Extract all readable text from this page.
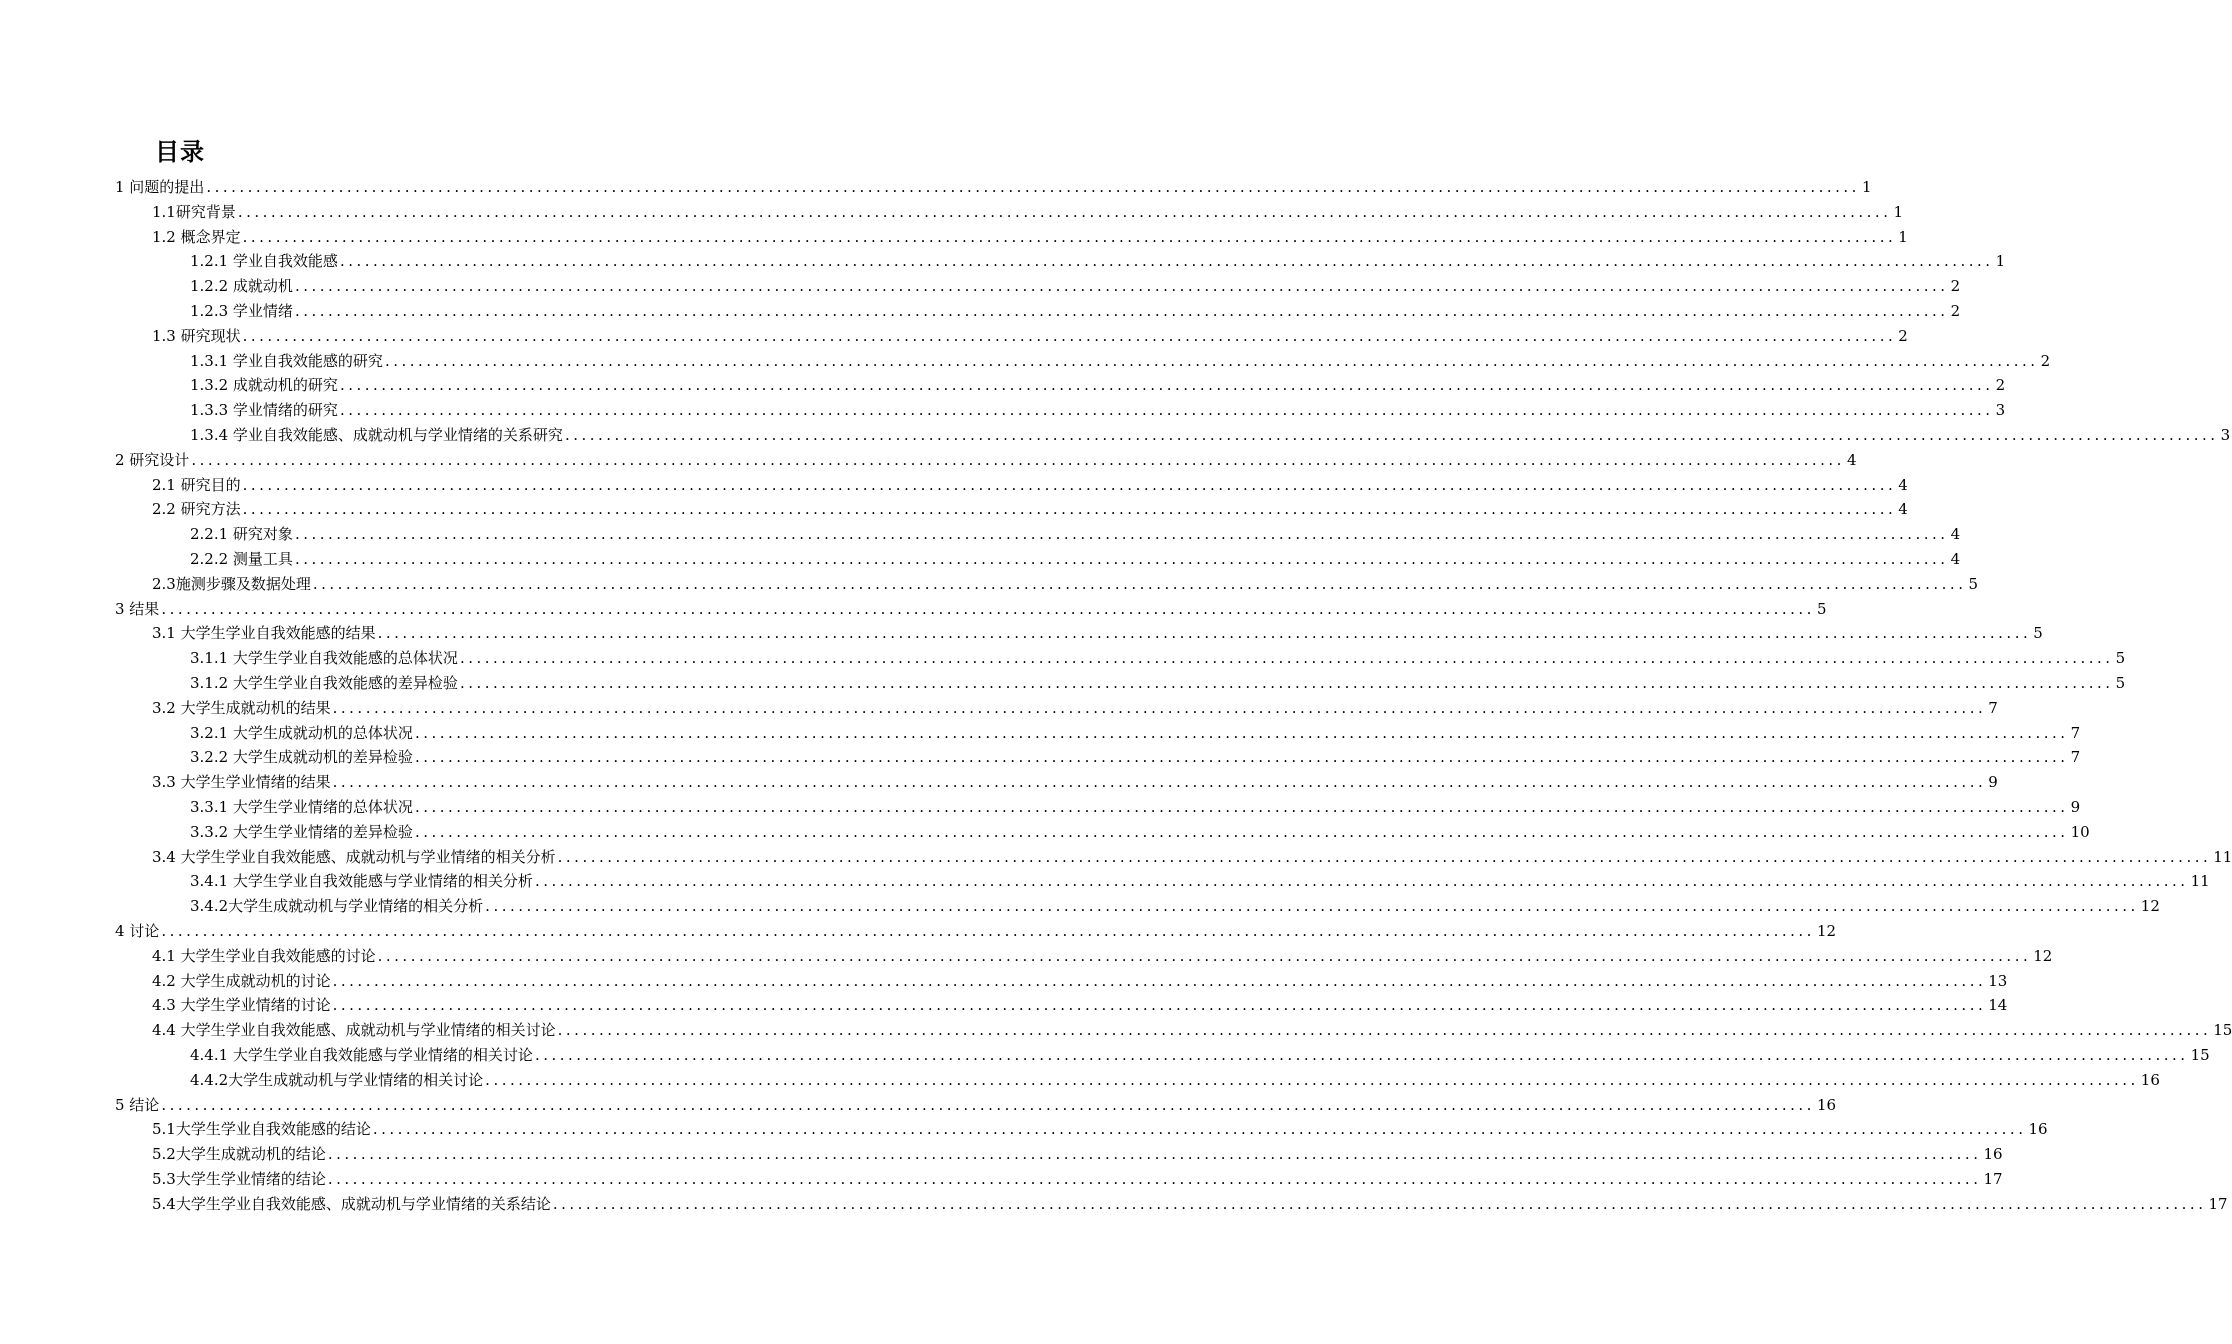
目录
1 问题的提出 ........................................................................................................................................................................................................ 1
1.1研究背景 ........................................................................................................................................................................................................ 1
1.2 概念界定 ........................................................................................................................................................................................................ 1
1.2.1 学业自我效能感 ........................................................................................................................................................................................................ 1
1.2.2 成就动机 ........................................................................................................................................................................................................ 2
1.2.3 学业情绪 ........................................................................................................................................................................................................ 2
1.3 研究现状 ........................................................................................................................................................................................................ 2
1.3.1 学业自我效能感的研究 ........................................................................................................................................................................................................ 2
1.3.2 成就动机的研究 ........................................................................................................................................................................................................ 2
1.3.3 学业情绪的研究 ........................................................................................................................................................................................................ 3
1.3.4 学业自我效能感、成就动机与学业情绪的关系研究 ........................................................................................................................................................................................................ 3
2 研究设计 ........................................................................................................................................................................................................ 4
2.1 研究目的 ........................................................................................................................................................................................................ 4
2.2 研究方法 ........................................................................................................................................................................................................ 4
2.2.1 研究对象 ........................................................................................................................................................................................................ 4
2.2.2 测量工具 ........................................................................................................................................................................................................ 4
2.3施测步骤及数据处理 ........................................................................................................................................................................................................ 5
3 结果 ........................................................................................................................................................................................................ 5
3.1 大学生学业自我效能感的结果 ........................................................................................................................................................................................................ 5
3.1.1 大学生学业自我效能感的总体状况 ........................................................................................................................................................................................................ 5
3.1.2 大学生学业自我效能感的差异检验 ........................................................................................................................................................................................................ 5
3.2 大学生成就动机的结果 ........................................................................................................................................................................................................ 7
3.2.1 大学生成就动机的总体状况 ........................................................................................................................................................................................................ 7
3.2.2 大学生成就动机的差异检验 ........................................................................................................................................................................................................ 7
3.3 大学生学业情绪的结果 ........................................................................................................................................................................................................ 9
3.3.1 大学生学业情绪的总体状况 ........................................................................................................................................................................................................ 9
3.3.2 大学生学业情绪的差异检验 ........................................................................................................................................................................................................ 10
3.4 大学生学业自我效能感、成就动机与学业情绪的相关分析 ........................................................................................................................................................................................................ 11
3.4.1 大学生学业自我效能感与学业情绪的相关分析 ........................................................................................................................................................................................................ 11
3.4.2大学生成就动机与学业情绪的相关分析 ........................................................................................................................................................................................................ 12
4 讨论 ........................................................................................................................................................................................................ 12
4.1 大学生学业自我效能感的讨论 ........................................................................................................................................................................................................ 12
4.2 大学生成就动机的讨论 ........................................................................................................................................................................................................ 13
4.3 大学生学业情绪的讨论 ........................................................................................................................................................................................................ 14
4.4 大学生学业自我效能感、成就动机与学业情绪的相关讨论 ........................................................................................................................................................................................................ 15
4.4.1 大学生学业自我效能感与学业情绪的相关讨论 ........................................................................................................................................................................................................ 15
4.4.2大学生成就动机与学业情绪的相关讨论 ........................................................................................................................................................................................................ 16
5 结论 ........................................................................................................................................................................................................ 16
5.1大学生学业自我效能感的结论 ........................................................................................................................................................................................................ 16
5.2大学生成就动机的结论 ........................................................................................................................................................................................................ 16
5.3大学生学业情绪的结论 ........................................................................................................................................................................................................ 17
5.4大学生学业自我效能感、成就动机与学业情绪的关系结论 ........................................................................................................................................................................................................ 17
